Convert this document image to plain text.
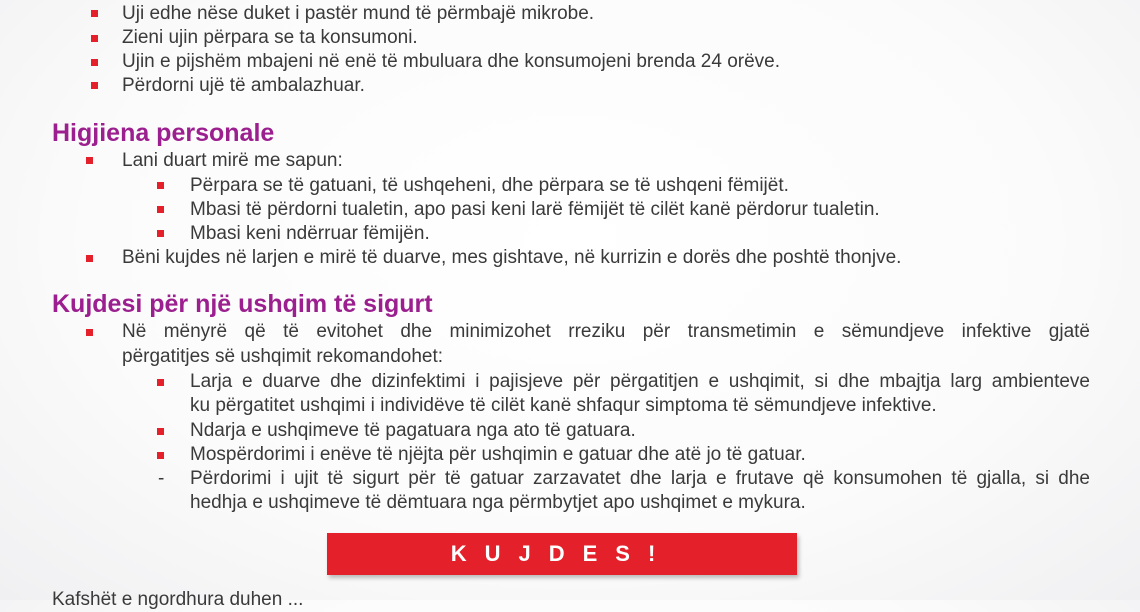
Uji edhe nëse duket i pastër mund të përmbajë mikrobe.
Zieni ujin përpara se ta konsumoni.
Ujin e pijshëm mbajeni në enë të mbuluara dhe konsumojeni brenda 24 orëve.
Përdorni ujë të ambalazhuar.
Higjiena personale
Lani duart mirë me sapun:
Përpara se të gatuani, të ushqeheni, dhe përpara se të ushqeni fëmijët.
Mbasi të përdorni tualetin, apo pasi keni larë fëmijët të cilët kanë përdorur tualetin.
Mbasi keni ndërruar fëmijën.
Bëni kujdes në larjen e mirë të duarve, mes gishtave, në kurrizin e dorës dhe poshtë thonjve.
Kujdesi për një ushqim të sigurt
Në mënyrë që të evitohet dhe minimizohet rreziku për transmetimin e sëmundjeve infektive gjatë
përgatitjes së ushqimit rekomandohet:
Larja e duarve dhe dizinfektimi i pajisjeve për përgatitjen e ushqimit, si dhe mbajtja larg ambienteve
ku përgatitet ushqimi i individëve të cilët kanë shfaqur simptoma të sëmundjeve infektive.
Ndarja e ushqimeve të pagatuara nga ato të gatuara.
Mospërdorimi i enëve të njëjta për ushqimin e gatuar dhe atë jo të gatuar.
- Përdorimi i ujit të sigurt për të gatuar zarzavatet dhe larja e frutave që konsumohen të gjalla, si dhe
hedhja e ushqimeve të dëmtuara nga përmbytjet apo ushqimet e mykura.
KUJDES!
Kafshët e ngordhura duhen ...
